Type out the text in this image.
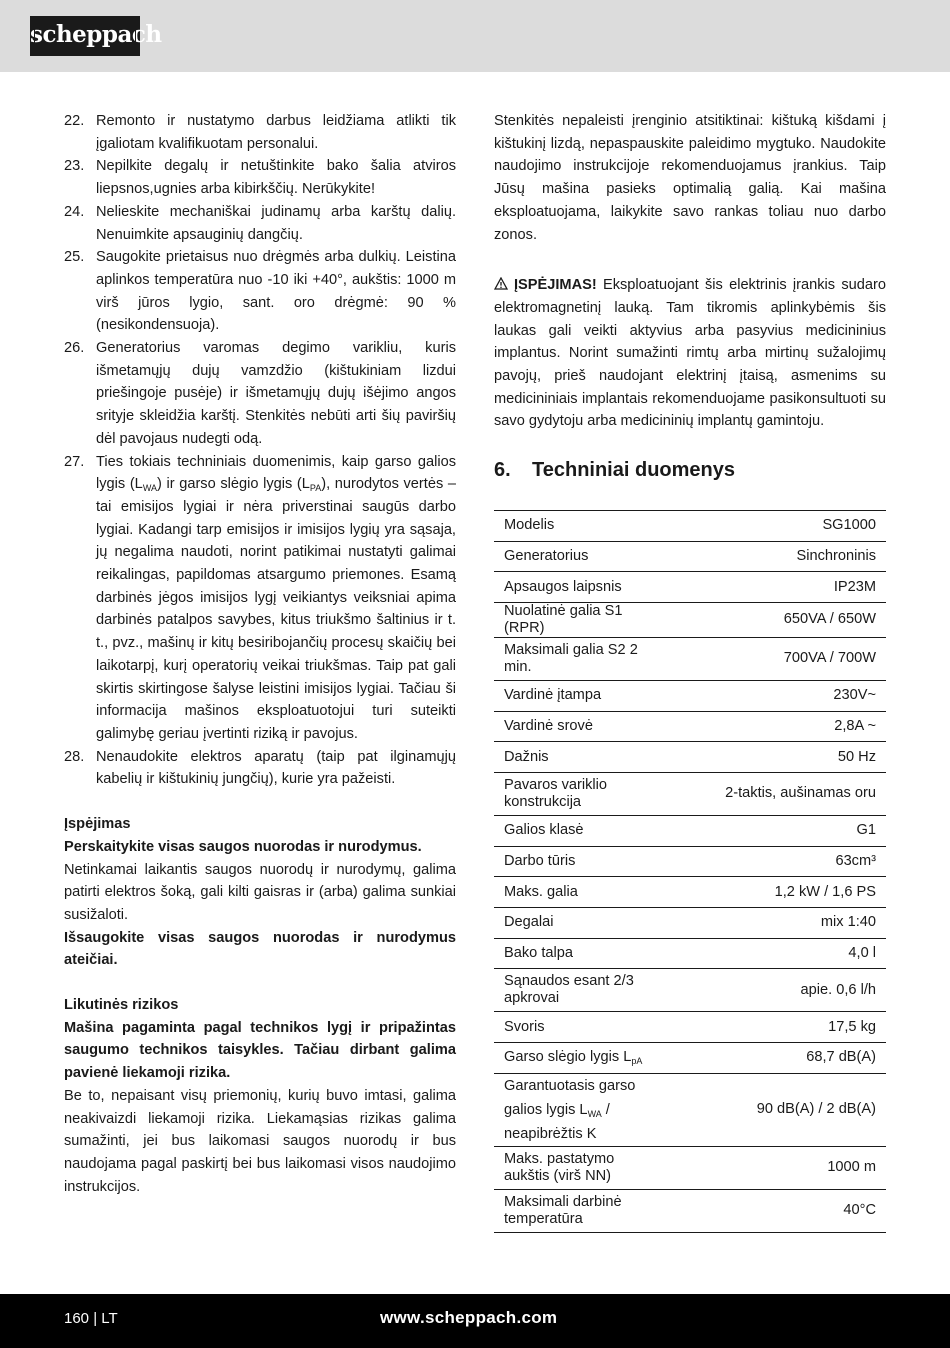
scheppach
22. Remonto ir nustatymo darbus leidžiama atlikti tik įgaliotam kvalifikuotam personalui.
23. Nepilkite degalų ir netuštinkite bako šalia atviros liepsnos,ugnies arba kibirkščių. Nerūkykite!
24. Nelieskite mechaniškai judinamų arba karštų dalių. Nenuimkite apsauginių dangčių.
25. Saugokite prietaisus nuo drėgmės arba dulkių. Leistina aplinkos temperatūra nuo -10 iki +40°, aukštis: 1000 m virš jūros lygio, sant. oro drėgmė: 90 % (nesikondensuoja).
26. Generatorius varomas degimo varikliu, kuris išmetamųjų dujų vamzdžio (kištukiniam lizdui priešingoje pusėje) ir išmetamųjų dujų išėjimo angos srityje skleidžia karštį. Stenkitės nebūti arti šių paviršių dėl pavojaus nudegti odą.
27. Ties tokiais techniniais duomenimis, kaip garso galios lygis $(L_{WA})$ ir garso slėgio lygis $(L_{PA})$, nurodytos vertės – tai emisijos lygiai ir nėra priverstinai saugūs darbo lygiai. Kadangi tarp emisijos ir imisijos lygių yra sąsaja, jų negalima naudoti, norint patikimai nustatyti galimai reikalingas, papildomas atsargumo priemones. Esamą darbinės jėgos imisijos lygį veikiantys veiksniai apima darbinės patalpos savybes, kitus triukšmo šaltinius ir t. t., pvz., mašinų ir kitų besiribojančių procesų skaičių bei laikotarpį, kurį operatorių veikai triukšmas. Taip pat gali skirtis skirtingose šalyse leistini imisijos lygiai. Tačiau ši informacija mašinos eksploatuotojui turi suteikti galimybę geriau įvertinti riziką ir pavojus.
28. Nenaudokite elektros aparatų (taip pat ilginamųjų kabelių ir kištukinių jungčių), kurie yra pažeisti.
Įspėjimas
Perskaitykite visas saugos nuorodas ir nurodymus.
Netinkamai laikantis saugos nuorodų ir nurodymų, galima patirti elektros šoką, gali kilti gaisras ir (arba) galima sunkiai susižaloti.
Išsaugokite visas saugos nuorodas ir nurodymus ateičiai.
Likutinės rizikos
Mašina pagaminta pagal technikos lygį ir pripažintas saugumo technikos taisykles. Tačiau dirbant galima pavienė liekamoji rizika.
Be to, nepaisant visų priemonių, kurių buvo imtasi, galima neakivaizdi liekamoji rizika. Liekamąsias rizikas galima sumažinti, jei bus laikomasi saugos nuorodų ir bus naudojama pagal paskirtį bei bus laikomasi visos naudojimo instrukcijos.
Stenkitės nepaleisti įrenginio atsitiktinai: kištuką kišdami į kištukinį lizdą, nepaspauskite paleidimo mygtuko. Naudokite naudojimo instrukcijoje rekomenduojamus įrankius. Taip Jūsų mašina pasieks optimalią galią. Kai mašina eksploatuojama, laikykite savo rankas toliau nuo darbo zonos.
ĮSPĖJIMAS! Eksploatuojant šis elektrinis įrankis sudaro elektromagnetinį lauką. Tam tikromis aplinkybėmis šis laukas gali veikti aktyvius arba pasyvius medicininius implantus. Norint sumažinti rimtų arba mirtinų sužalojimų pavojų, prieš naudojant elektrinį įtaisą, asmenims su medicininiais implantais rekomenduojame pasikonsultuoti su savo gydytoju arba medicininių implantų gamintoju.
6.	Techniniai duomenys
Modelis	SG1000
Generatorius	Sinchroninis
Apsaugos laipsnis	IP23M
Nuolatinė galia S1 (RPR)	650VA / 650W
Maksimali galia S2 2 min.	700VA / 700W
Vardinė įtampa	230V~
Vardinė srovė	2,8A ~
Dažnis	50 Hz
Pavaros variklio konstrukcija	2-taktis, aušinamas oru
Galios klasė	G1
Darbo tūris	63cm³
Maks. galia	1,2 kW / 1,6 PS
Degalai	mix 1:40
Bako talpa	4,0 l
Sąnaudos esant 2/3 apkrovai	apie. 0,6 l/h
Svoris	17,5 kg
Garso slėgio lygis $L_{pA}$	68,7 dB(A)
Garantuotasis garso galios lygis $L_{WA}$ / neapibrėžtis K	90 dB(A) / 2 dB(A)
Maks. pastatymo aukštis (virš NN)	1000 m
Maksimali darbinė temperatūra	40°C
160 | LT	www.scheppach.com
